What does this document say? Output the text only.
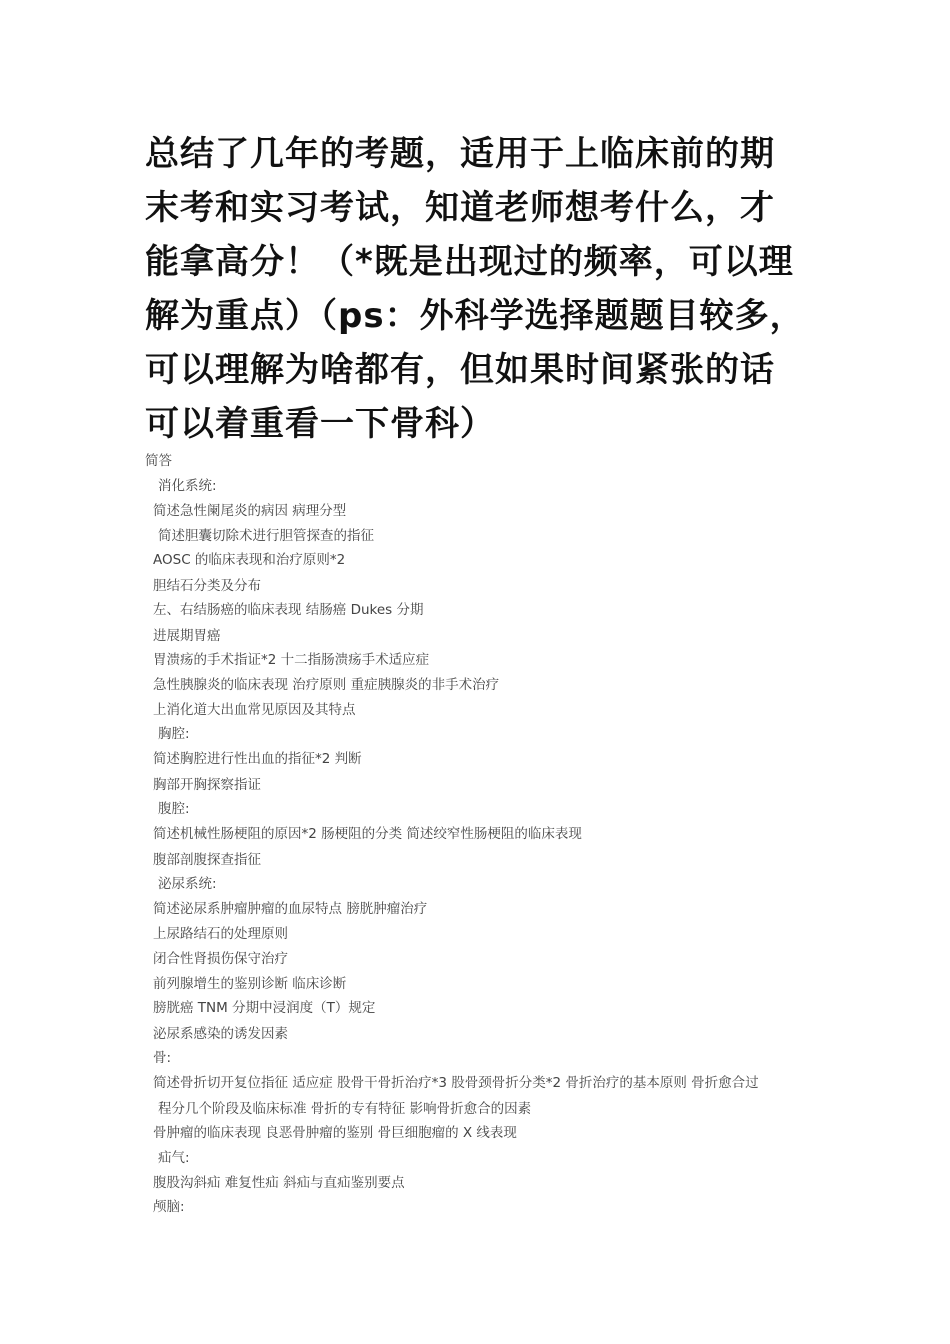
总结了几年的考题，适用于上临床前的期
末考和实习考试，知道老师想考什么，才
能拿高分！（*既是出现过的频率，可以理
解为重点）（ps：外科学选择题题目较多，
可以理解为啥都有，但如果时间紧张的话
可以着重看一下骨科）
简答
消化系统:
简述急性阑尾炎的病因 病理分型
简述胆囊切除术进行胆管探查的指征
AOSC 的临床表现和治疗原则*2
胆结石分类及分布
左、右结肠癌的临床表现 结肠癌 Dukes 分期
进展期胃癌
胃溃疡的手术指证*2 十二指肠溃疡手术适应症
急性胰腺炎的临床表现 治疗原则 重症胰腺炎的非手术治疗
上消化道大出血常见原因及其特点
胸腔:
简述胸腔进行性出血的指征*2 判断
胸部开胸探察指证
腹腔:
简述机械性肠梗阻的原因*2 肠梗阻的分类 简述绞窄性肠梗阻的临床表现
腹部剖腹探查指征
泌尿系统:
简述泌尿系肿瘤肿瘤的血尿特点 膀胱肿瘤治疗
上尿路结石的处理原则
闭合性肾损伤保守治疗
前列腺增生的鉴别诊断 临床诊断
膀胱癌 TNM 分期中浸润度（T）规定
泌尿系感染的诱发因素
骨:
简述骨折切开复位指征 适应症 股骨干骨折治疗*3 股骨颈骨折分类*2 骨折治疗的基本原则 骨折愈合过
程分几个阶段及临床标准 骨折的专有特征 影响骨折愈合的因素
骨肿瘤的临床表现 良恶骨肿瘤的鉴别 骨巨细胞瘤的 X 线表现
疝气:
腹股沟斜疝 难复性疝 斜疝与直疝鉴别要点
颅脑:
